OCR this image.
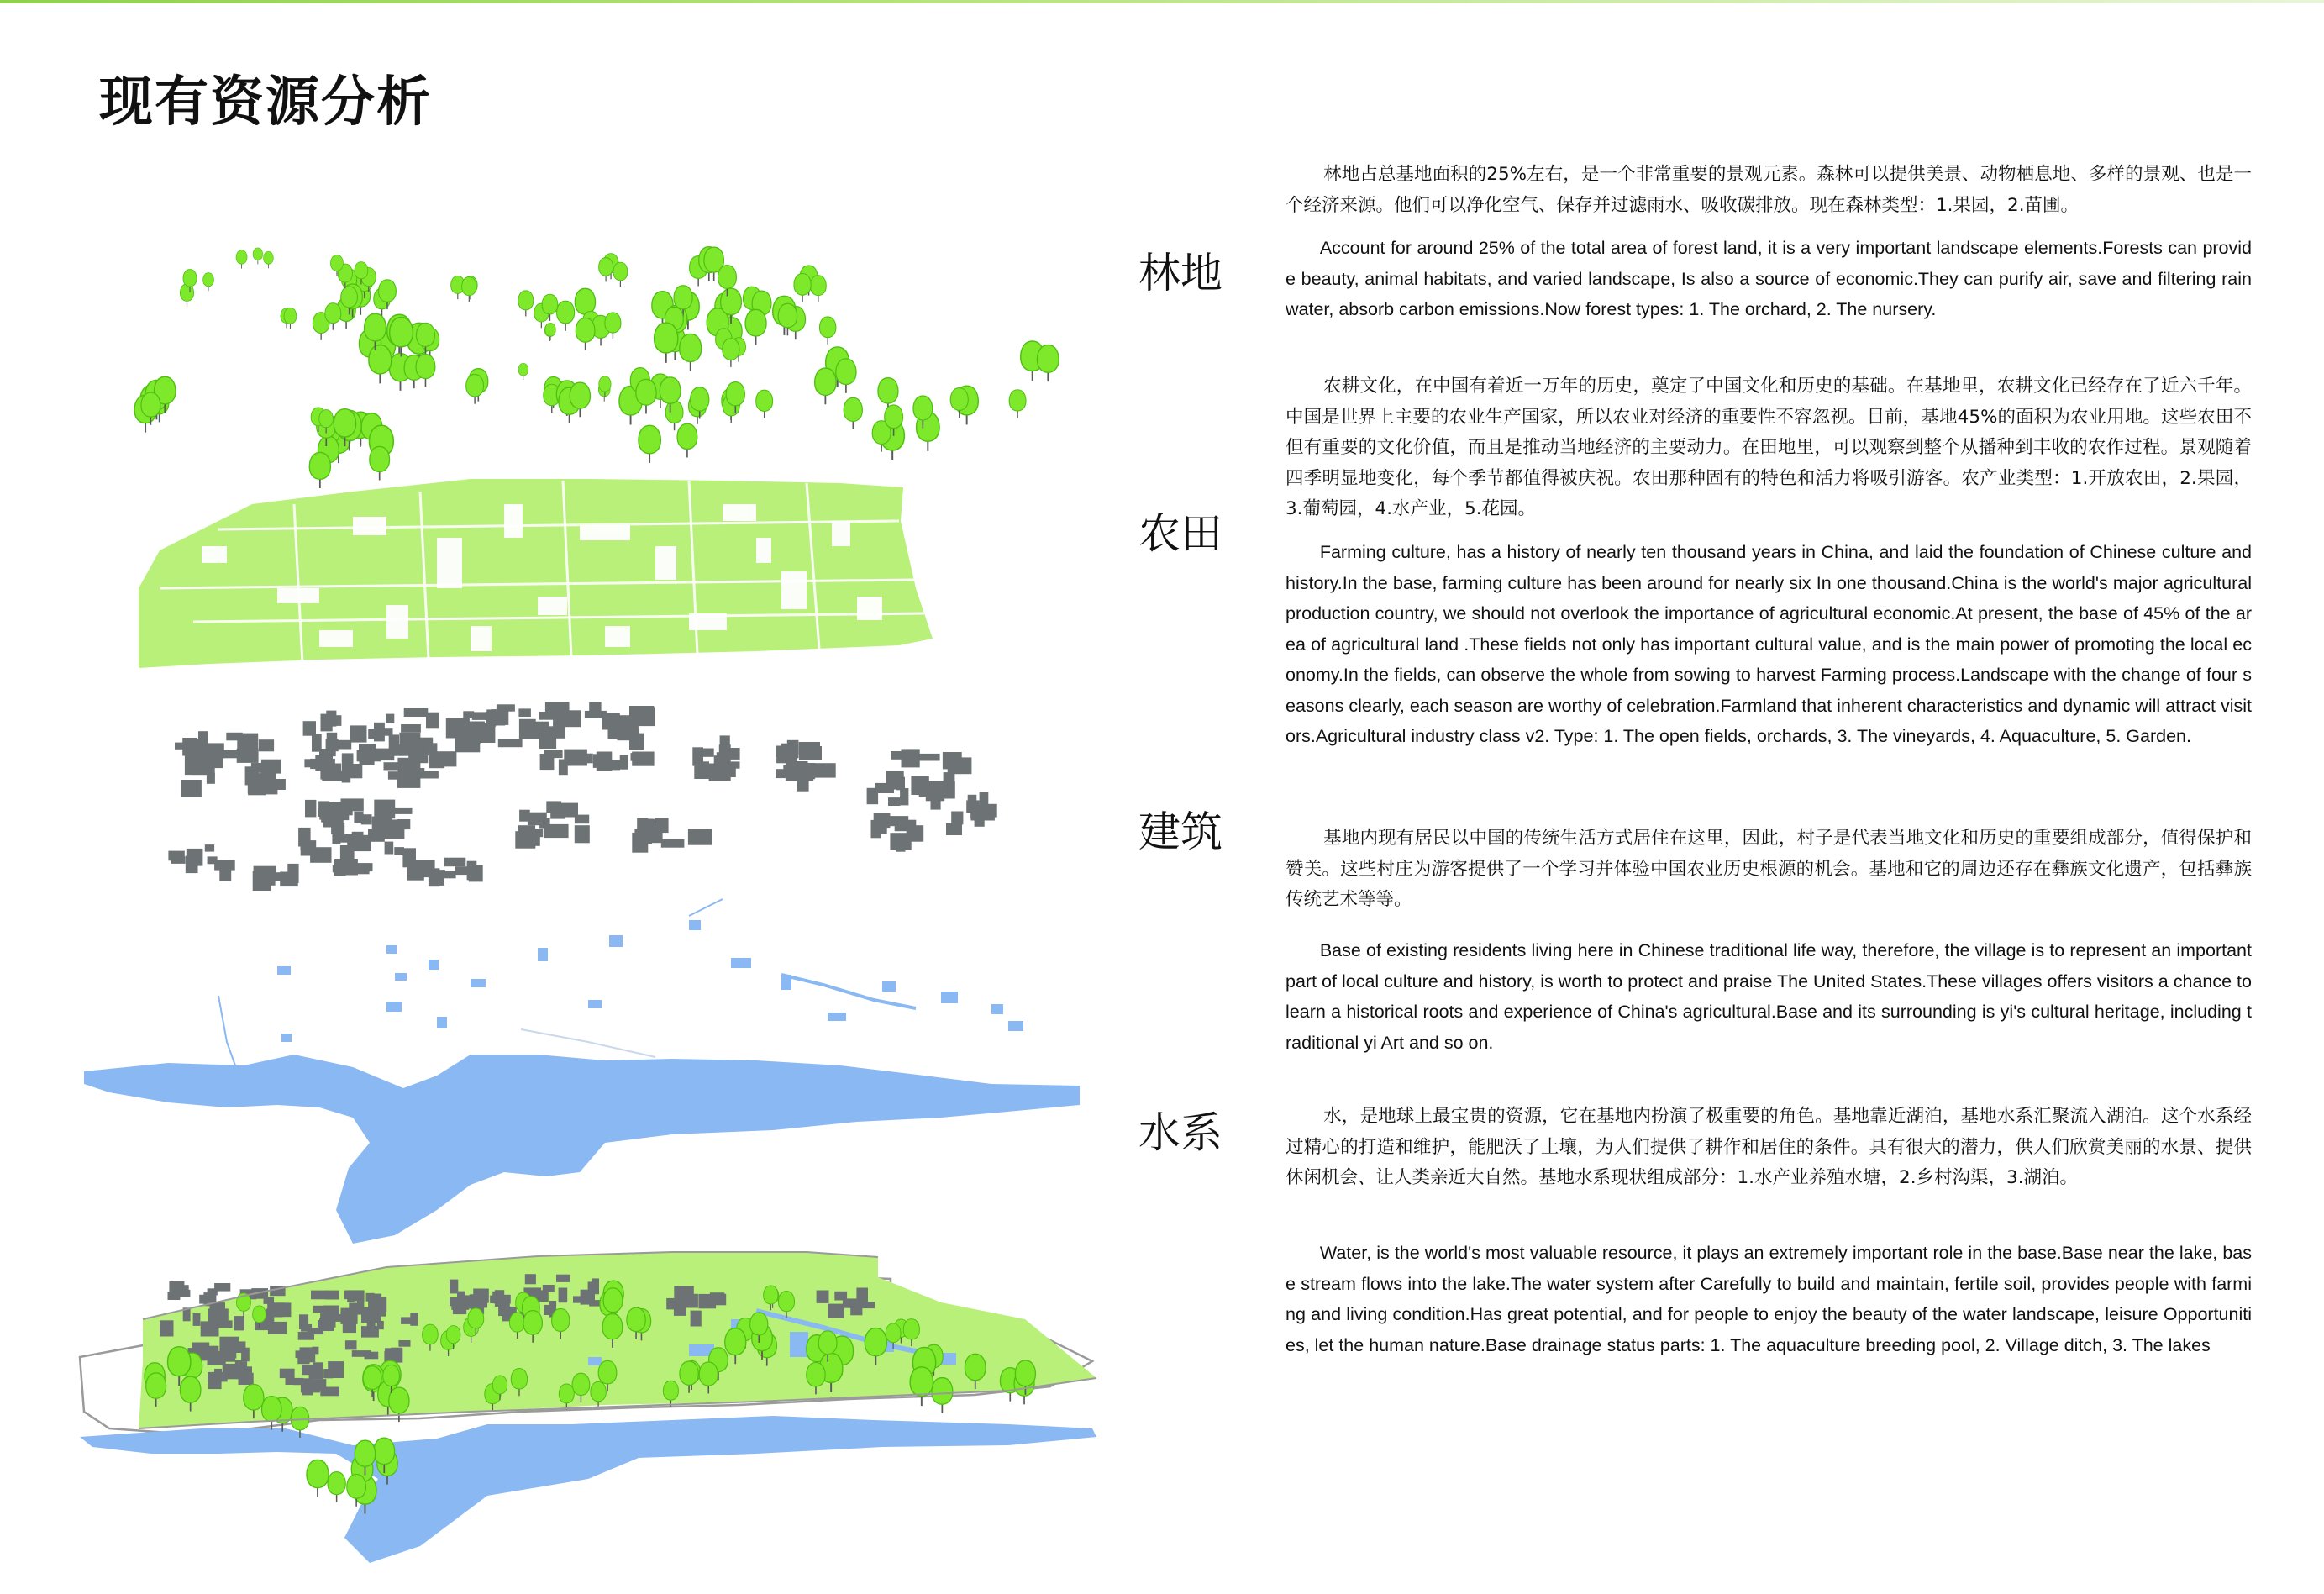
现有资源分析
林地
农田
建筑
水系
林地占总基地面积的25%左右，是一个非常重要的景观元素。森林可以提供美景、动物栖息地、多样的景观、也是一个经济来源。他们可以净化空气、保存并过滤雨水、吸收碳排放。现在森林类型：1.果园，2.苗圃。
Account for around 25% of the total area of forest land, it is a very important landscape elements.Forests can provide beauty, animal habitats, and varied landscape, Is also a source of economic.They can purify air, save and filtering rainwater, absorb carbon emissions.Now forest types: 1. The orchard, 2. The nursery.
农耕文化，在中国有着近一万年的历史，奠定了中国文化和历史的基础。在基地里，农耕文化已经存在了近六千年。中国是世界上主要的农业生产国家，所以农业对经济的重要性不容忽视。目前，基地45%的面积为农业用地。这些农田不但有重要的文化价值，而且是推动当地经济的主要动力。在田地里，可以观察到整个从播种到丰收的农作过程。景观随着四季明显地变化，每个季节都值得被庆祝。农田那种固有的特色和活力将吸引游客。农产业类型：1.开放农田，2.果园，3.葡萄园，4.水产业，5.花园。
Farming culture, has a history of nearly ten thousand years in China, and laid the foundation of Chinese culture and history.In the base, farming culture has been around for nearly six In one thousand.China is the world's major agricultural production country, we should not overlook the importance of agricultural economic.At present, the base of 45% of the area of agricultural land .These fields not only has important cultural value, and is the main power of promoting the local economy.In the fields, can observe the whole from sowing to harvest Farming process.Landscape with the change of four seasons clearly, each season are worthy of celebration.Farmland that inherent characteristics and dynamic will attract visitors.Agricultural industry class v2. Type: 1. The open fields, orchards, 3. The vineyards, 4. Aquaculture, 5. Garden.
基地内现有居民以中国的传统生活方式居住在这里，因此，村子是代表当地文化和历史的重要组成部分，值得保护和赞美。这些村庄为游客提供了一个学习并体验中国农业历史根源的机会。基地和它的周边还存在彝族文化遗产，包括彝族传统艺术等等。
Base of existing residents living here in Chinese traditional life way, therefore, the village is to represent an important part of local culture and history, is worth to protect and praise The United States.These villages offers visitors a chance to learn a historical roots and experience of China's agricultural.Base and its surrounding is yi's cultural heritage, including traditional yi Art and so on.
水，是地球上最宝贵的资源，它在基地内扮演了极重要的角色。基地靠近湖泊，基地水系汇聚流入湖泊。这个水系经过精心的打造和维护，能肥沃了土壤，为人们提供了耕作和居住的条件。具有很大的潜力，供人们欣赏美丽的水景、提供休闲机会、让人类亲近大自然。基地水系现状组成部分：1.水产业养殖水塘，2.乡村沟渠，3.湖泊。
Water, is the world's most valuable resource, it plays an extremely important role in the base.Base near the lake, base stream flows into the lake.The water system after Carefully to build and maintain, fertile soil, provides people with farming and living condition.Has great potential, and for people to enjoy the beauty of the water landscape, leisure Opportunities, let the human nature.Base drainage status parts: 1. The aquaculture breeding pool, 2. Village ditch, 3. The lakes
